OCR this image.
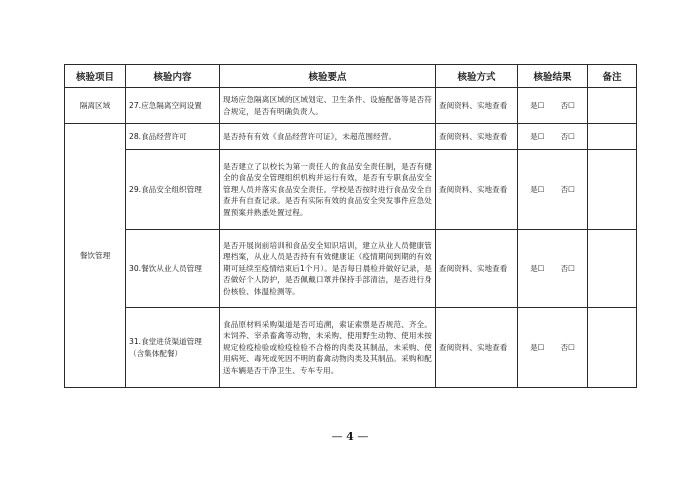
核验项目	核验内容	核验要点	核验方式	核验结果	备注
隔离区域	27.应急隔离空间设置	现场应急隔离区域的区域划定、卫生条件、设施配备等是否符合规定，是否有明确负责人。	查阅资料、实地查看	是☐ 否☐	
餐饮管理	28.食品经营许可	是否持有有效《食品经营许可证》，未超范围经营。	查阅资料、实地查看	是☐ 否☐	
	29.食品安全组织管理	是否建立了以校长为第一责任人的食品安全责任制，是否有健全的食品安全管理组织机构并运行有效，是否有专职食品安全管理人员并落实食品安全责任。学校是否按时进行食品安全自查并有自查记录。是否有实际有效的食品安全突发事件应急处置预案并熟悉处置过程。	查阅资料、实地查看	是☐ 否☐	
	30.餐饮从业人员管理	是否开展岗前培训和食品安全知识培训，建立从业人员健康管理档案，从业人员是否持有有效健康证（疫情期间到期的有效期可延续至疫情结束后1个月）。是否每日晨检并做好记录，是否做好个人防护，是否佩戴口罩并保持手部清洁，是否进行身份核验、体温检测等。	查阅资料、实地查看	是☐ 否☐	
	31.食堂进货渠道管理（含集体配餐）	食品原材料采购渠道是否可追溯，索证索票是否规范、齐全。未饲养、宰杀畜禽等动物，未采购、使用野生动物、使用未按规定检疫检验或检疫检验不合格的肉类及其制品，未采购、使用病死、毒死或死因不明的畜禽动物肉类及其制品。采购和配送车辆是否干净卫生、专车专用。	查阅资料、实地查看	是☐ 否☐	
— 4 —
